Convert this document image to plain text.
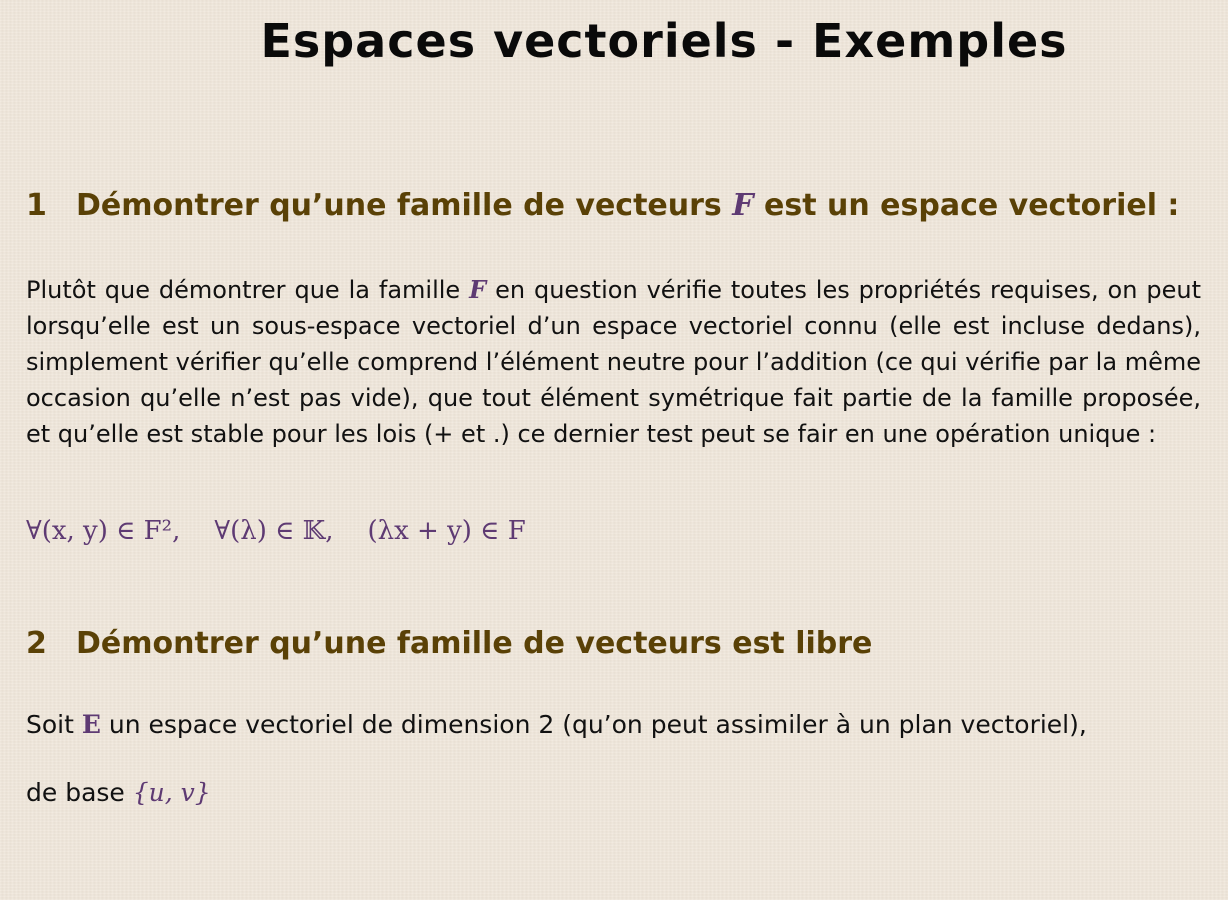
Espaces vectoriels - Exemples
1 Démontrer qu’une famille de vecteurs F est un espace vectoriel :
Plutôt que démontrer que la famille F en question vérifie toutes les propriétés requises, on peut lorsqu’elle est un sous-espace vectoriel d’un espace vectoriel connu (elle est incluse dedans), simplement vérifier qu’elle comprend l’élément neutre pour l’addition (ce qui vérifie par la même occasion qu’elle n’est pas vide), que tout élément symétrique fait partie de la famille proposée, et qu’elle est stable pour les lois (+ et .) ce dernier test peut se fair en une opération unique :
∀(x, y) ∈ F², ∀(λ) ∈ 𝕂, (λx + y) ∈ F
2 Démontrer qu’une famille de vecteurs est libre
Soit E un espace vectoriel de dimension 2 (qu’on peut assimiler à un plan vectoriel),
de base {u, v}
